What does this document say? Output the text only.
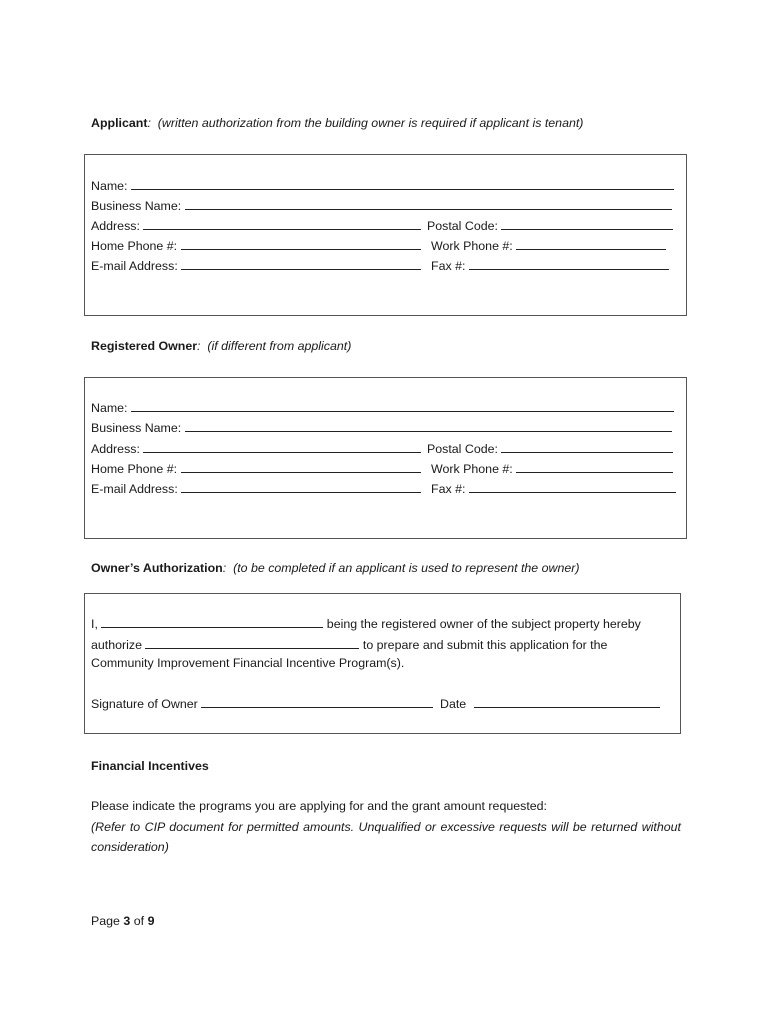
Applicant: (written authorization from the building owner is required if applicant is tenant)
Name:
Business Name:
Address:	Postal Code:
Home Phone #:	Work Phone #:
E-mail Address:	Fax #:
Registered Owner: (if different from applicant)
Name:
Business Name:
Address:	Postal Code:
Home Phone #:	Work Phone #:
E-mail Address:	Fax #:
Owner’s Authorization: (to be completed if an applicant is used to represent the owner)
I,	being the registered owner of the subject property hereby
authorize	to prepare and submit this application for the
Community Improvement Financial Incentive Program(s).
Signature of Owner	Date
Financial Incentives
Please indicate the programs you are applying for and the grant amount requested:
(Refer to CIP document for permitted amounts. Unqualified or excessive requests will be returned without consideration)
Page 3 of 9
